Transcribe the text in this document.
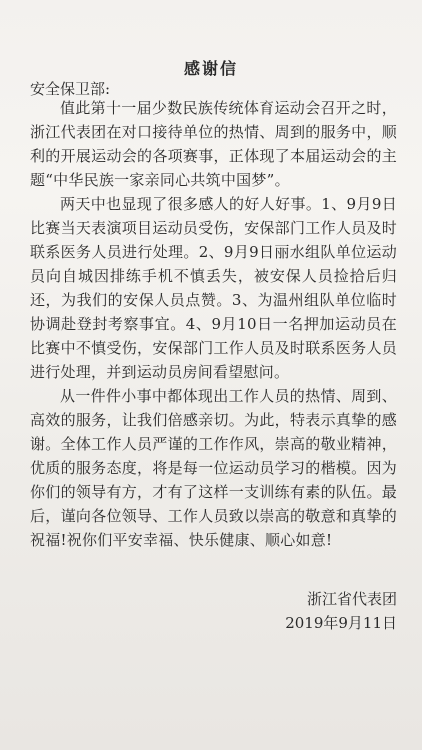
感谢信
安全保卫部:

值此第十一届少数民族传统体育运动会召开之时，浙江代表团在对口接待单位的热情、周到的服务中，顺利的开展运动会的各项赛事，正体现了本届运动会的主题“中华民族一家亲同心共筑中国梦”。

两天中也显现了很多感人的好人好事。1、9月9日比赛当天表演项目运动员受伤，安保部门工作人员及时联系医务人员进行处理。2、9月9日丽水组队单位运动员向自城因排练手机不慎丢失，被安保人员捡拾后归还，为我们的安保人员点赞。3、为温州组队单位临时协调赴登封考察事宜。4、9月10日一名押加运动员在比赛中不慎受伤，安保部门工作人员及时联系医务人员进行处理，并到运动员房间看望慰问。

从一件件小事中都体现出工作人员的热情、周到、高效的服务，让我们倍感亲切。为此，特表示真挚的感谢。全体工作人员严谨的工作作风，崇高的敬业精神，优质的服务态度，将是每一位运动员学习的楷模。因为你们的领导有方，才有了这样一支训练有素的队伍。最后，谨向各位领导、工作人员致以崇高的敬意和真挚的祝福!祝你们平安幸福、快乐健康、顺心如意!

浙江省代表团
2019年9月11日
